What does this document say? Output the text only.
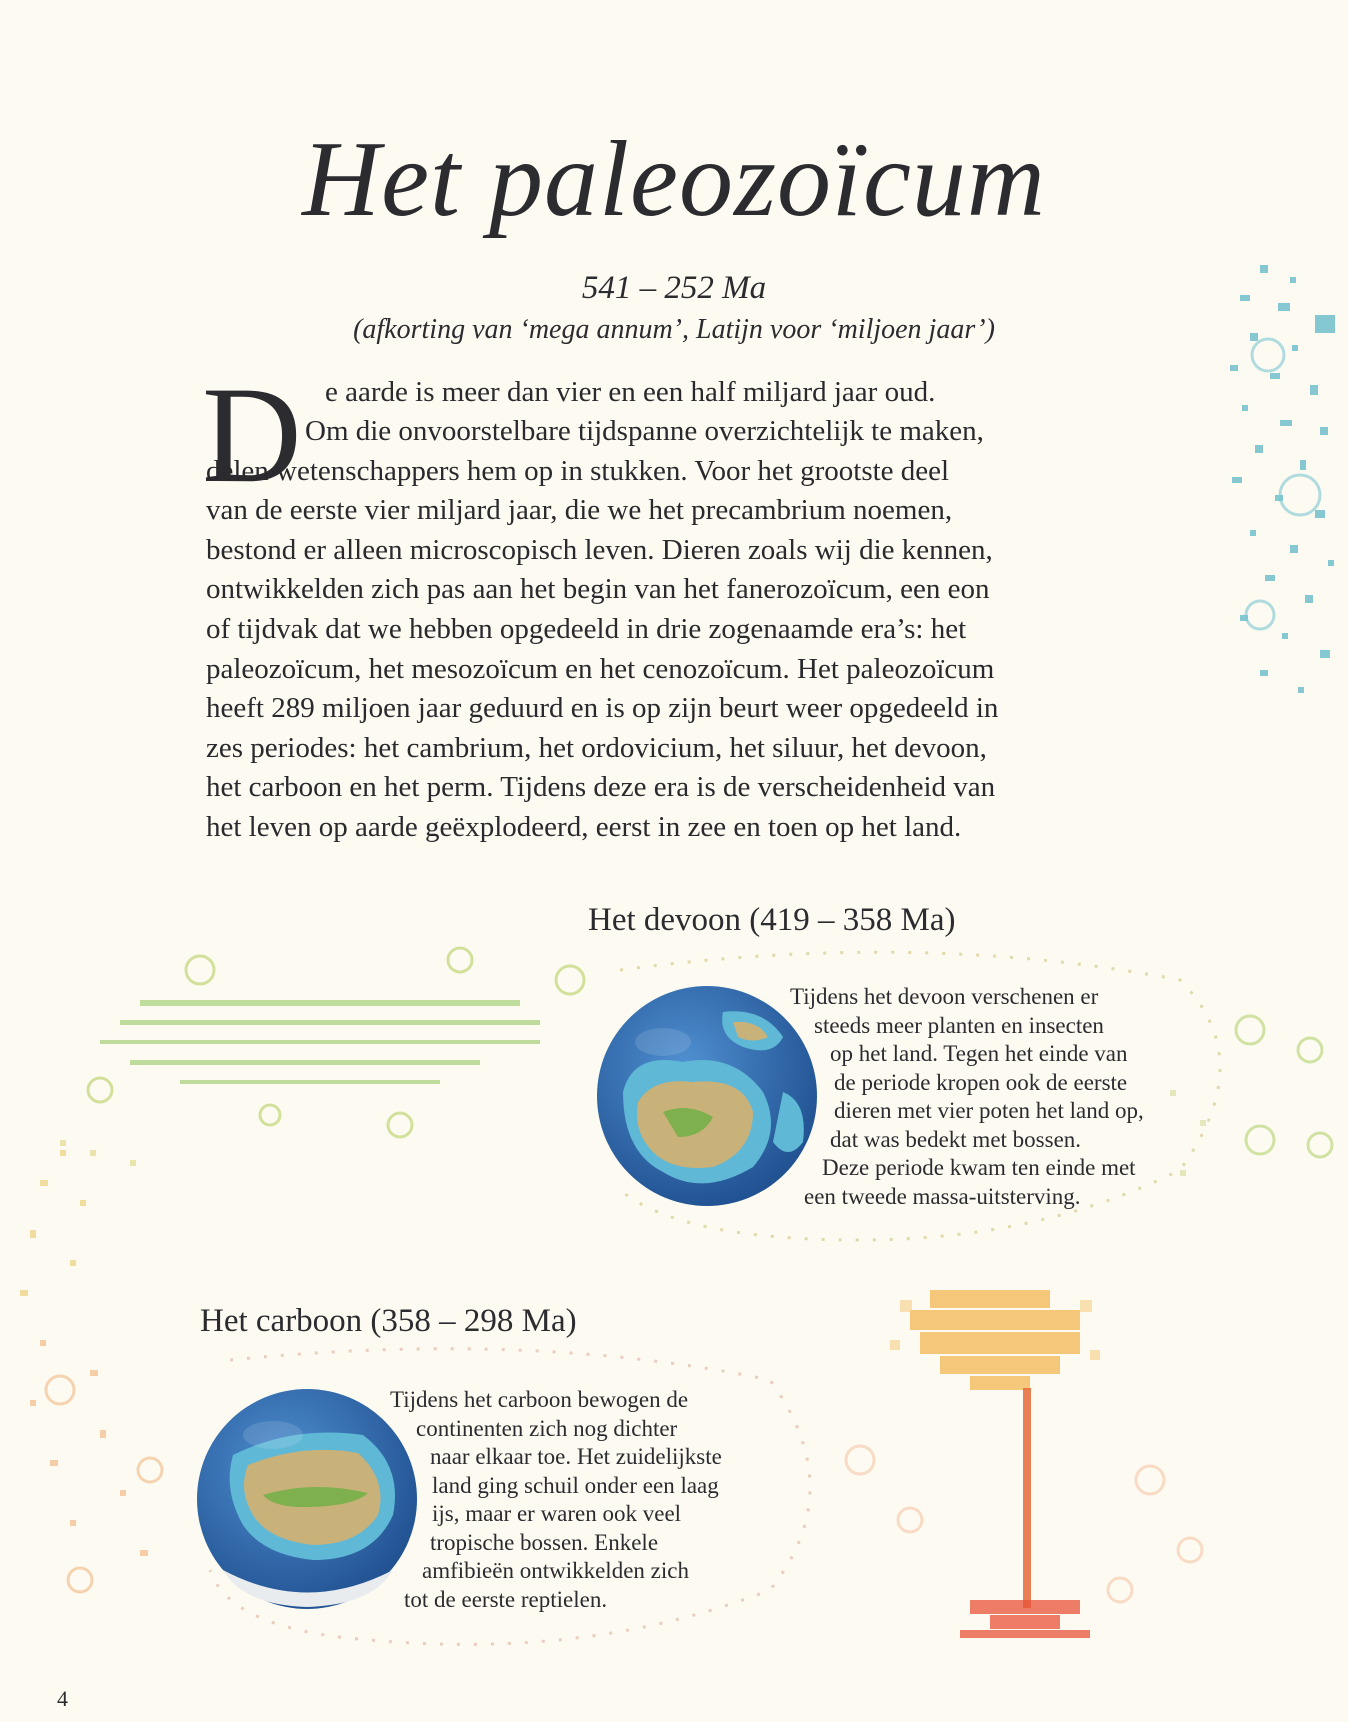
Het paleozoïcum
541 – 252 Ma
(afkorting van ‘mega annum’, Latijn voor ‘miljoen jaar’)
D e aarde is meer dan vier en een half miljard jaar oud.

Om die onvoorstelbare tijdspanne overzichtelijk te maken,
delen wetenschappers hem op in stukken. Voor het grootste deel
van de eerste vier miljard jaar, die we het precambrium noemen,
bestond er alleen microscopisch leven. Dieren zoals wij die kennen,
ontwikkelden zich pas aan het begin van het fanerozoïcum, een eon
of tijdvak dat we hebben opgedeeld in drie zogenaamde era’s: het
paleozoïcum, het mesozoïcum en het cenozoïcum. Het paleozoïcum
heeft 289 miljoen jaar geduurd en is op zijn beurt weer opgedeeld in
zes periodes: het cambrium, het ordovicium, het siluur, het devoon,
het carboon en het perm. Tijdens deze era is de verscheidenheid van
het leven op aarde geëxplodeerd, eerst in zee en toen op het land.

Het devoon (419 – 358 Ma)

Tijdens het devoon verschenen er
steeds meer planten en insecten
op het land. Tegen het einde van
de periode kropen ook de eerste
dieren met vier poten het land op,
dat was bedekt met bossen.
Deze periode kwam ten einde met
een tweede massa-uitsterving.

Het carboon (358 – 298 Ma)

Tijdens het carboon bewogen de
continenten zich nog dichter
naar elkaar toe. Het zuidelijkste
land ging schuil onder een laag
ijs, maar er waren ook veel
tropische bossen. Enkele
amfibieën ontwikkelden zich
tot de eerste reptielen.

4
